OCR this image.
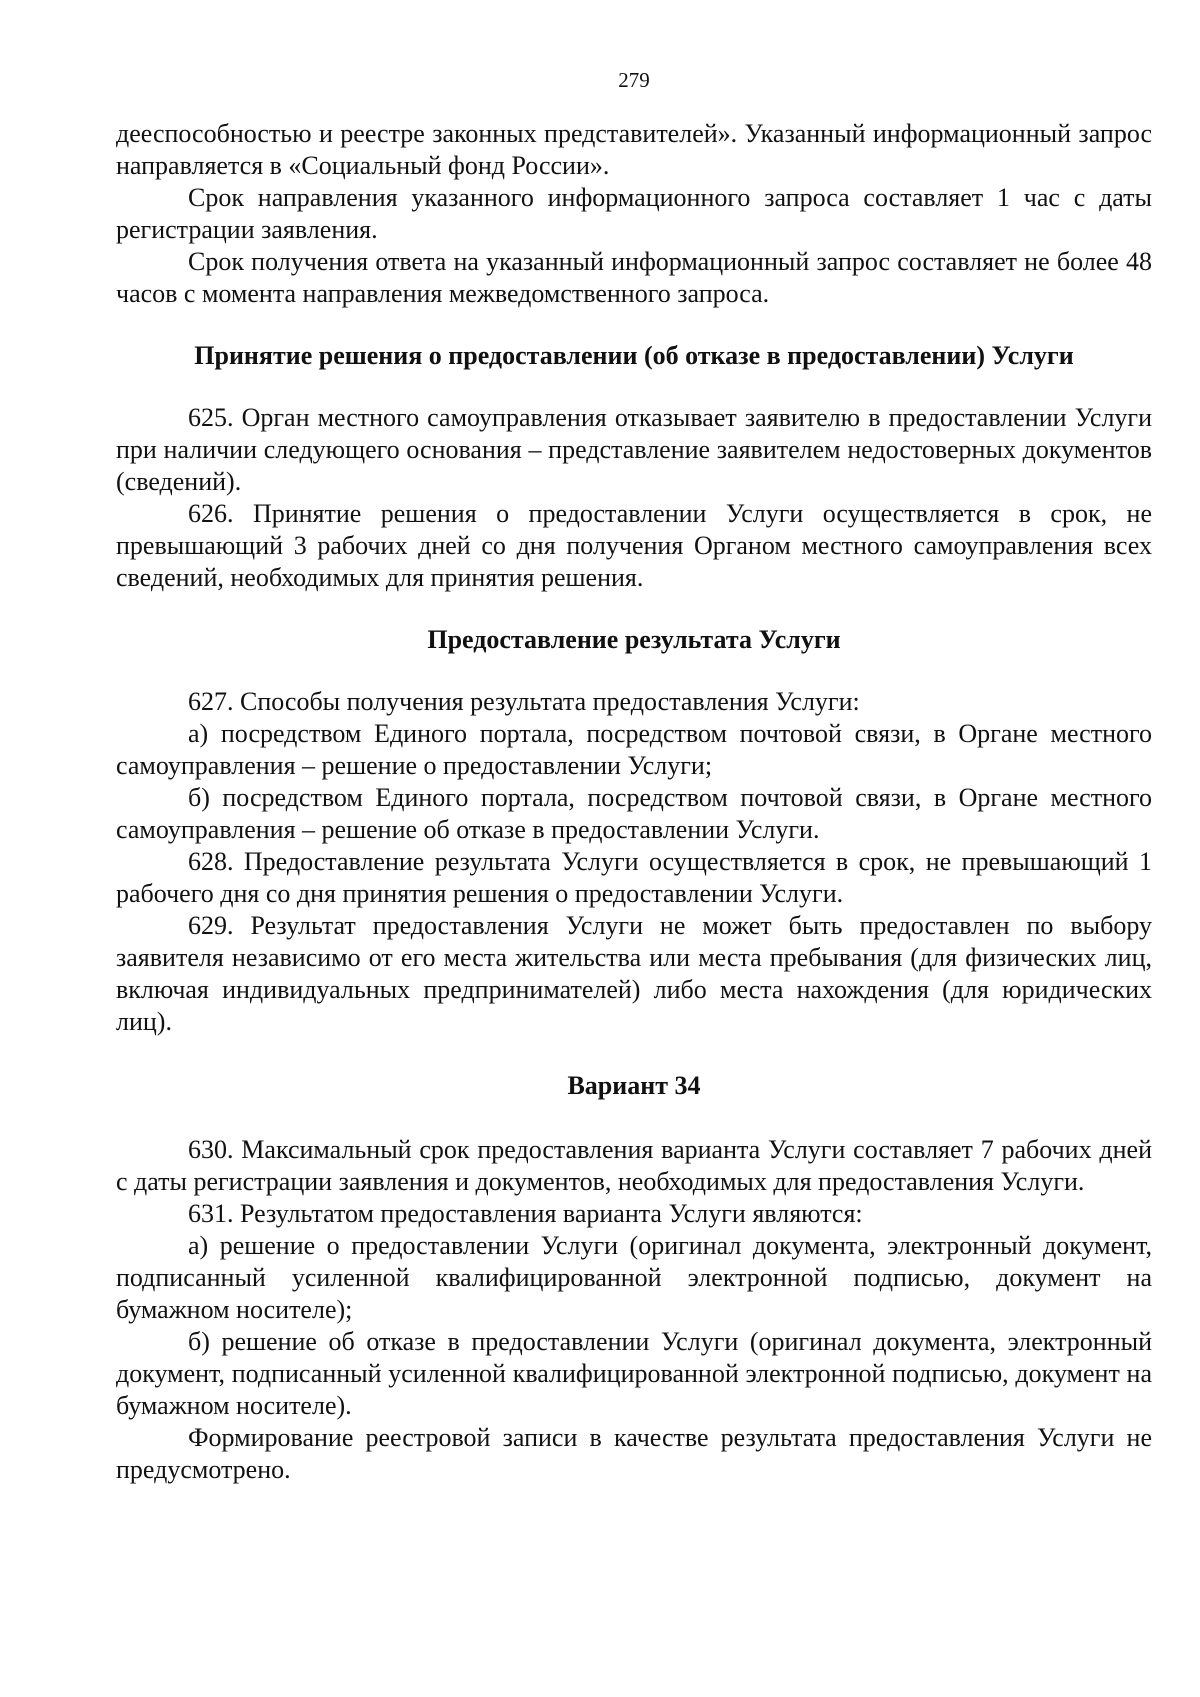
279

дееспособностью и реестре законных представителей». Указанный информационный запрос направляется в «Социальный фонд России».

Срок направления указанного информационного запроса составляет 1 час с даты регистрации заявления.

Срок получения ответа на указанный информационный запрос составляет не более 48 часов с момента направления межведомственного запроса.

Принятие решения о предоставлении (об отказе в предоставлении) Услуги

625. Орган местного самоуправления отказывает заявителю в предоставлении Услуги при наличии следующего основания – представление заявителем недостоверных документов (сведений).

626. Принятие решения о предоставлении Услуги осуществляется в срок, не превышающий 3 рабочих дней со дня получения Органом местного самоуправления всех сведений, необходимых для принятия решения.

Предоставление результата Услуги

627. Способы получения результата предоставления Услуги:

а) посредством Единого портала, посредством почтовой связи, в Органе местного самоуправления – решение о предоставлении Услуги;

б) посредством Единого портала, посредством почтовой связи, в Органе местного самоуправления – решение об отказе в предоставлении Услуги.

628. Предоставление результата Услуги осуществляется в срок, не превышающий 1 рабочего дня со дня принятия решения о предоставлении Услуги.

629. Результат предоставления Услуги не может быть предоставлен по выбору заявителя независимо от его места жительства или места пребывания (для физических лиц, включая индивидуальных предпринимателей) либо места нахождения (для юридических лиц).

Вариант 34

630. Максимальный срок предоставления варианта Услуги составляет 7 рабочих дней с даты регистрации заявления и документов, необходимых для предоставления Услуги.

631. Результатом предоставления варианта Услуги являются:

а) решение о предоставлении Услуги (оригинал документа, электронный документ, подписанный усиленной квалифицированной электронной подписью, документ на бумажном носителе);

б) решение об отказе в предоставлении Услуги (оригинал документа, электронный документ, подписанный усиленной квалифицированной электронной подписью, документ на бумажном носителе).

Формирование реестровой записи в качестве результата предоставления Услуги не предусмотрено.
